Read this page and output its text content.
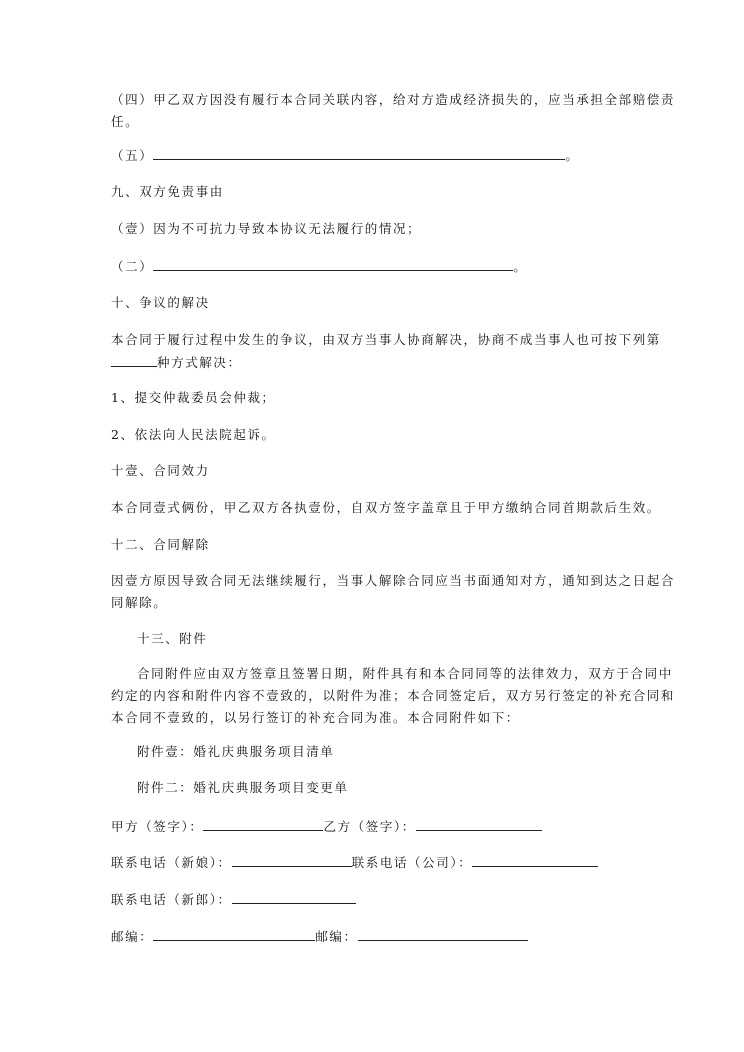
（四）甲乙双方因没有履行本合同关联内容，给对方造成经济损失的，应当承担全部赔偿责
任。
（五）	。
九、双方免责事由
（壹）因为不可抗力导致本协议无法履行的情况；
（二）	。
十、争议的解决
本合同于履行过程中发生的争议，由双方当事人协商解决，协商不成当事人也可按下列第
种方式解决：
1、提交仲裁委员会仲裁；
2、依法向人民法院起诉。
十壹、合同效力
本合同壹式俩份，甲乙双方各执壹份，自双方签字盖章且于甲方缴纳合同首期款后生效。
十二、合同解除
因壹方原因导致合同无法继续履行，当事人解除合同应当书面通知对方，通知到达之日起合
同解除。
十三、附件
合同附件应由双方签章且签署日期，附件具有和本合同同等的法律效力，双方于合同中
约定的内容和附件内容不壹致的，以附件为准；本合同签定后，双方另行签定的补充合同和
本合同不壹致的，以另行签订的补充合同为准。本合同附件如下：
附件壹：婚礼庆典服务项目清单
附件二：婚礼庆典服务项目变更单
甲方（签字）：	乙方（签字）：
联系电话（新娘）：	联系电话（公司）：
联系电话（新郎）：
邮编：	邮编：
